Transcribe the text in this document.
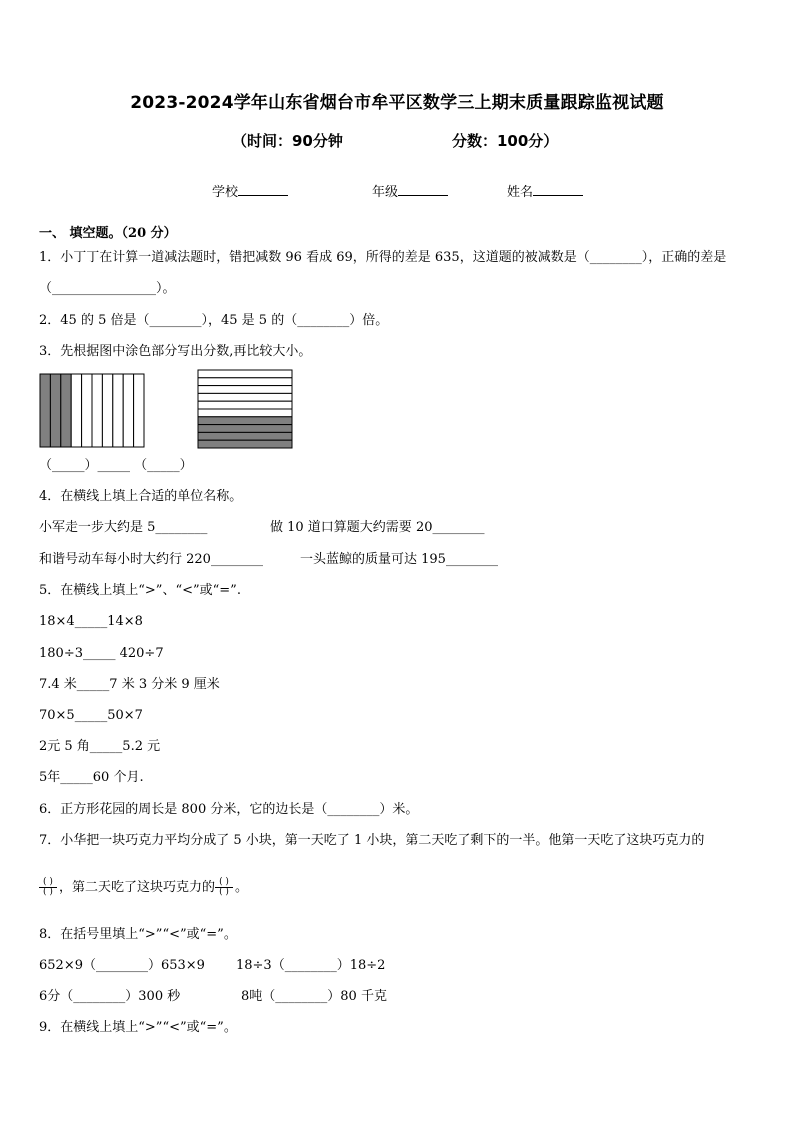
2023-2024学年山东省烟台市牟平区数学三上期末质量跟踪监视试题
（时间：90分钟	分数：100分）
学校	年级	姓名
一、 填空题。（20 分）
1．小丁丁在计算一道减法题时，错把减数 96 看成 69，所得的差是 635，这道题的被减数是（________），正确的差是
（________________）。
2．45 的 5 倍是（________），45 是 5 的（________）倍。
3．先根据图中涂色部分写出分数,再比较大小。
（_____）_____ （_____）
4．在横线上填上合适的单位名称。
小军走一步大约是 5________	做 10 道口算题大约需要 20________
和谐号动车每小时大约行 220________	一头蓝鲸的质量可达 195________
5．在横线上填上“>”、“<”或“=”.
18×4_____14×8
180÷3_____ 420÷7
7.4 米_____7 米 3 分米 9 厘米
70×5_____50×7
2元 5 角_____5.2 元
5年_____60 个月.
6．正方形花园的周长是 800 分米，它的边长是（________）米。
7．小华把一块巧克力平均分成了 5 小块，第一天吃了 1 小块，第二天吃了剩下的一半。他第一天吃了这块巧克力的
$\frac{( )}{( )}$ ，第二天吃了这块巧克力的 $\frac{( )}{( )}$ 。
8．在括号里填上“>”“<”或“=”。
652×9（________）653×9 18÷3（________）18÷2
6分（________）300 秒	8吨（________）80 千克
9．在横线上填上“>”“<”或“=”。
